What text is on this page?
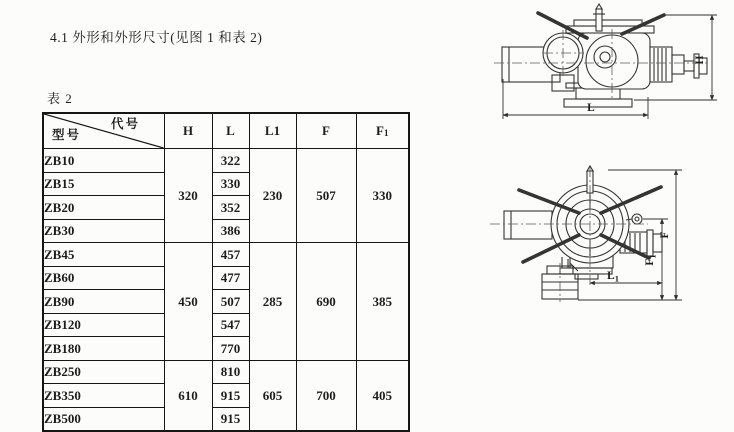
4.1 外形和外形尺寸(见图 1 和表 2)
表 2
型号
代号	H	L	L1	F	F1
ZB10	320	322	230	507	330
ZB15		330			
ZB20		352			
ZB30		386			
ZB45	450	457	285	690	385
ZB60		477			
ZB90		507			
ZB120		547			
ZB180		770			
ZB250	610	810	605	700	405
ZB350		915			
ZB500		915			
L
H
F
$F_1$
$L_1$
